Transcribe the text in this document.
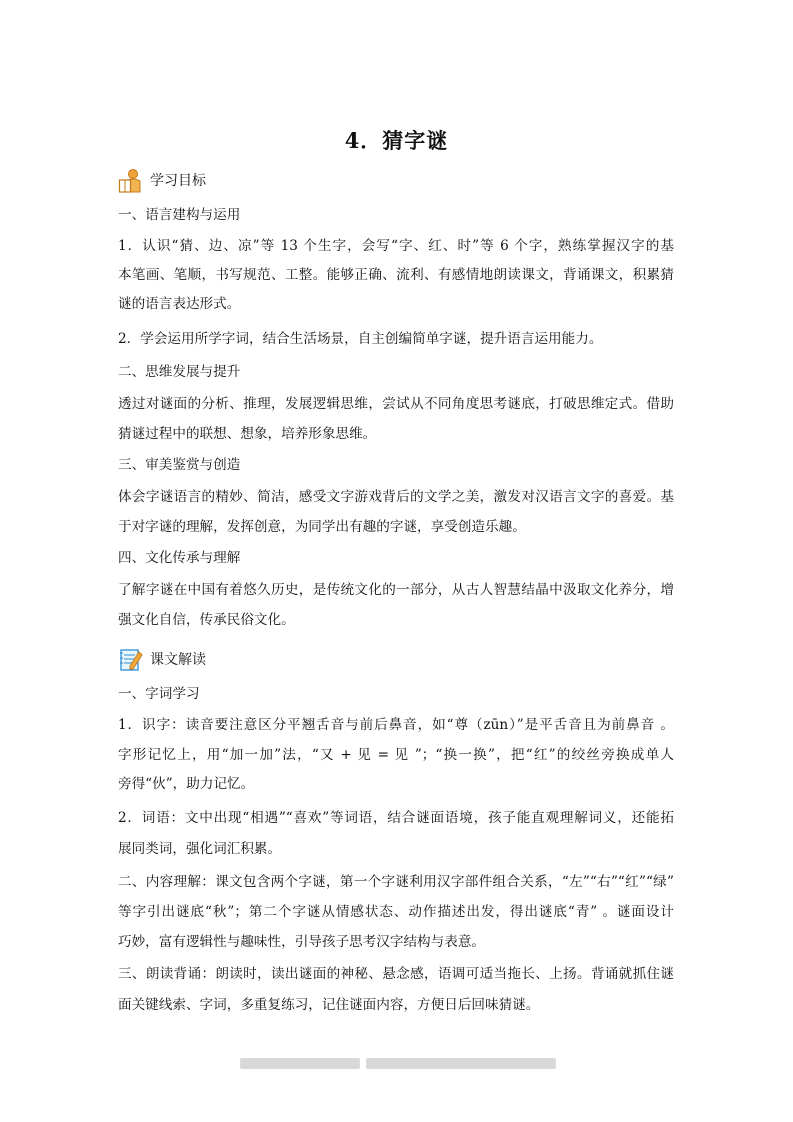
4．猜字谜
学习目标
一、语言建构与运用
1．认识“猜、边、凉”等 13 个生字，会写“字、红、时”等 6 个字，熟练掌握汉字的基
本笔画、笔顺，书写规范、工整。能够正确、流利、有感情地朗读课文，背诵课文，积累猜
谜的语言表达形式。
2．学会运用所学字词，结合生活场景，自主创编简单字谜，提升语言运用能力。
二、思维发展与提升
透过对谜面的分析、推理，发展逻辑思维，尝试从不同角度思考谜底，打破思维定式。借助
猜谜过程中的联想、想象，培养形象思维。
三、审美鉴赏与创造
体会字谜语言的精妙、简洁，感受文字游戏背后的文学之美，激发对汉语言文字的喜爱。基
于对字谜的理解，发挥创意，为同学出有趣的字谜，享受创造乐趣。
四、文化传承与理解
了解字谜在中国有着悠久历史，是传统文化的一部分，从古人智慧结晶中汲取文化养分，增
强文化自信，传承民俗文化。
课文解读
一、字词学习
1．识字：读音要注意区分平翘舌音与前后鼻音，如“尊（zūn）”是平舌音且为前鼻音 。
字形记忆上，用“加一加”法，“又 + 见 = 见 ”；“换一换”，把“红”的绞丝旁换成单人
旁得“伙”，助力记忆。
2．词语：文中出现“相遇”“喜欢”等词语，结合谜面语境，孩子能直观理解词义，还能拓
展同类词，强化词汇积累。
二、内容理解：课文包含两个字谜，第一个字谜利用汉字部件组合关系，“左”“右”“红”“绿”
等字引出谜底“秋”；第二个字谜从情感状态、动作描述出发，得出谜底“青” 。谜面设计
巧妙，富有逻辑性与趣味性，引导孩子思考汉字结构与表意。
三、朗读背诵：朗读时，读出谜面的神秘、悬念感，语调可适当拖长、上扬。背诵就抓住谜
面关键线索、字词，多重复练习，记住谜面内容，方便日后回味猜谜。
